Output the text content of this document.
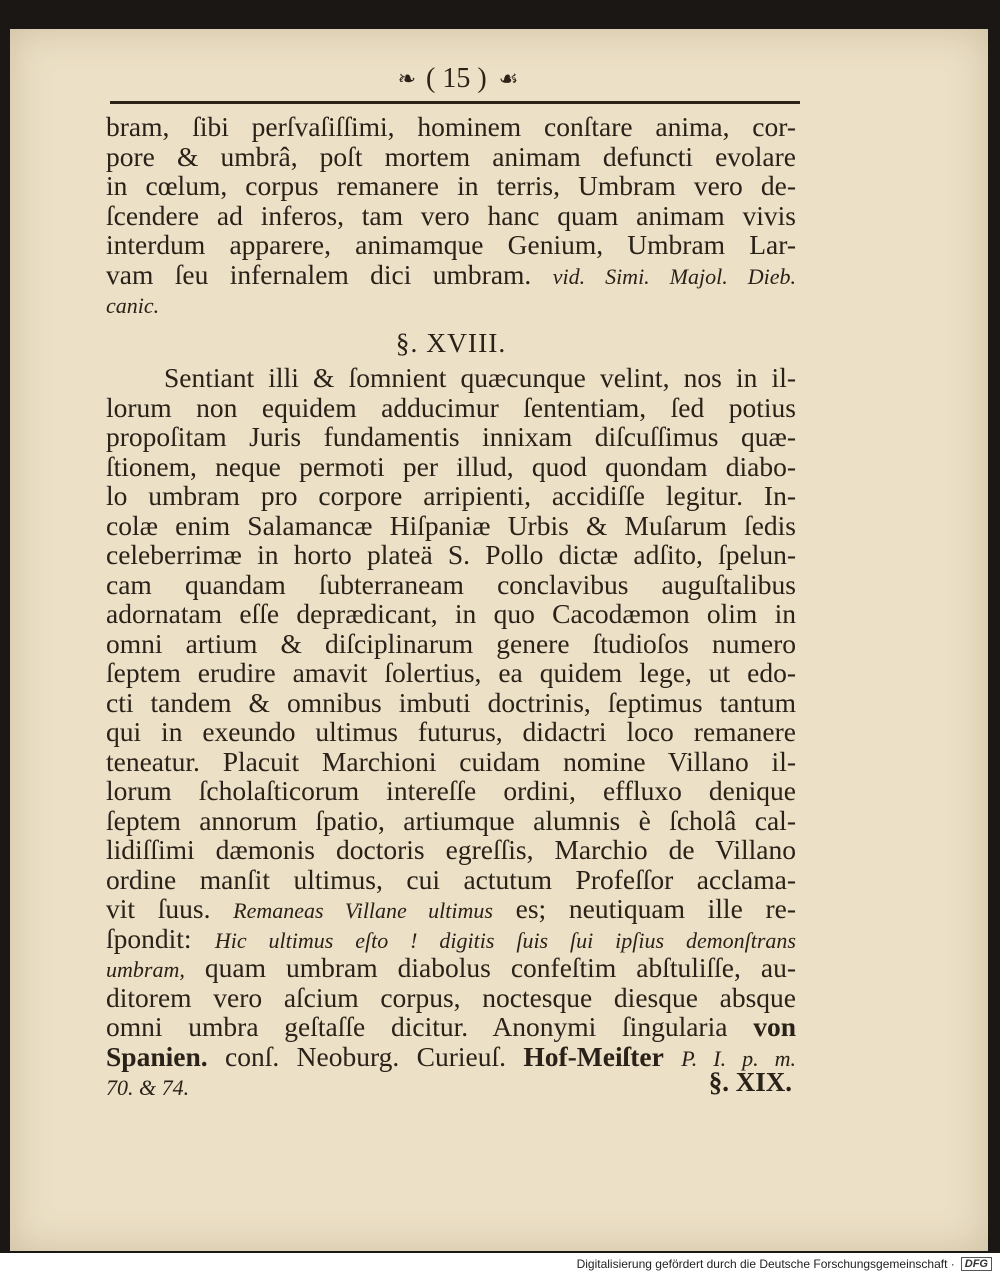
❧ ( 15 ) ☙
bram, ſibi perſvaſiſſimi, hominem conſtare anima, cor-
pore & umbrâ, poſt mortem animam defuncti evolare
in cœlum, corpus remanere in terris, Umbram vero de-
ſcendere ad inferos, tam vero hanc quam animam vivis
interdum apparere, animamque Genium, Umbram Lar-
vam ſeu infernalem dici umbram. vid. Simi. Majol. Dieb.
canic.
§. XVIII.
Sentiant illi & ſomnient quæcunque velint, nos in il-
lorum non equidem adducimur ſententiam, ſed potius
propoſitam Juris fundamentis innixam diſcuſſimus quæ-
ſtionem, neque permoti per illud, quod quondam diabo-
lo umbram pro corpore arripienti, accidiſſe legitur. In-
colæ enim Salamancæ Hiſpaniæ Urbis & Muſarum ſedis
celeberrimæ in horto plateä S. Pollo dictæ adſito, ſpelun-
cam quandam ſubterraneam conclavibus auguſtalibus
adornatam eſſe deprædicant, in quo Cacodæmon olim in
omni artium & diſciplinarum genere ſtudioſos numero
ſeptem erudire amavit ſolertius, ea quidem lege, ut edo-
cti tandem & omnibus imbuti doctrinis, ſeptimus tantum
qui in exeundo ultimus futurus, didactri loco remanere
teneatur. Placuit Marchioni cuidam nomine Villano il-
lorum ſcholaſticorum intereſſe ordini, effluxo denique
ſeptem annorum ſpatio, artiumque alumnis è ſcholâ cal-
lidiſſimi dæmonis doctoris egreſſis, Marchio de Villano
ordine manſit ultimus, cui actutum Profeſſor acclama-
vit ſuus. Remaneas Villane ultimus es; neutiquam ille re-
ſpondit: Hic ultimus eſto ! digitis ſuis ſui ipſius demonſtrans
umbram, quam umbram diabolus confeſtim abſtuliſſe, au-
ditorem vero aſcium corpus, noctesque diesque absque
omni umbra geſtaſſe dicitur. Anonymi ſingularia von
Spanien. conſ. Neoburg. Curieuſ. Hof-Meiſter P. I. p. m.
70. & 74.	§. XIX.
Digitalisierung gefördert durch die Deutsche Forschungsgemeinschaft · DFG
